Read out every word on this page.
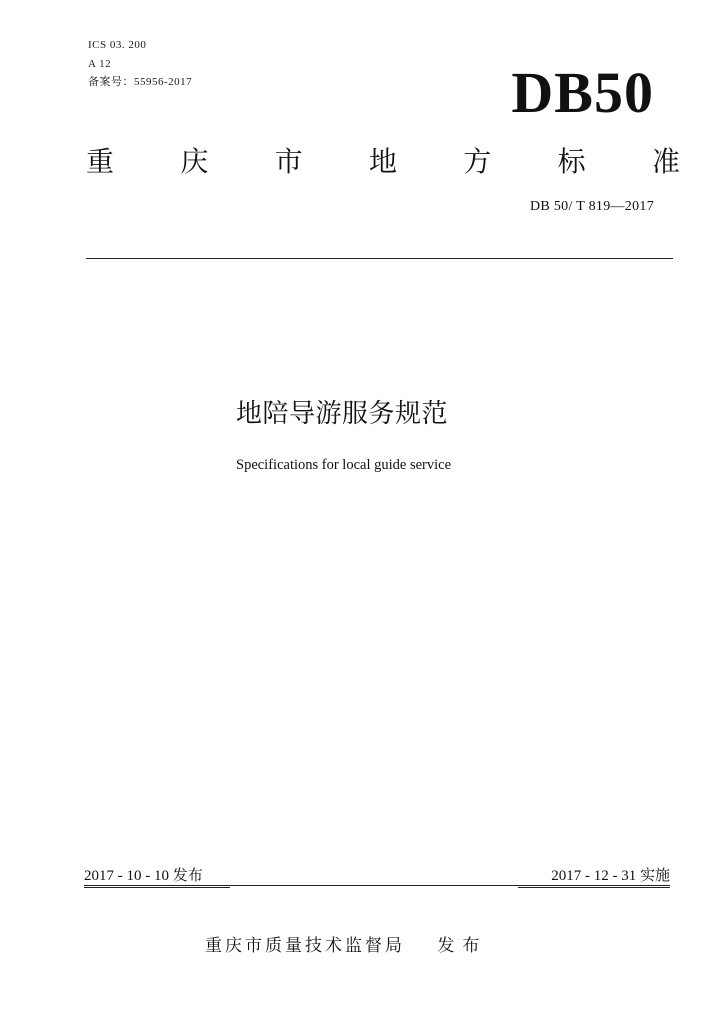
ICS 03. 200
A 12
备案号：55956-2017	DB50
重 庆 市 地 方 标 准
DB 50/ T 819—2017
地陪导游服务规范
Specifications for local guide service
2017 - 10 - 10 发布	2017 - 12 - 31 实施
重庆市质量技术监督局 发布
